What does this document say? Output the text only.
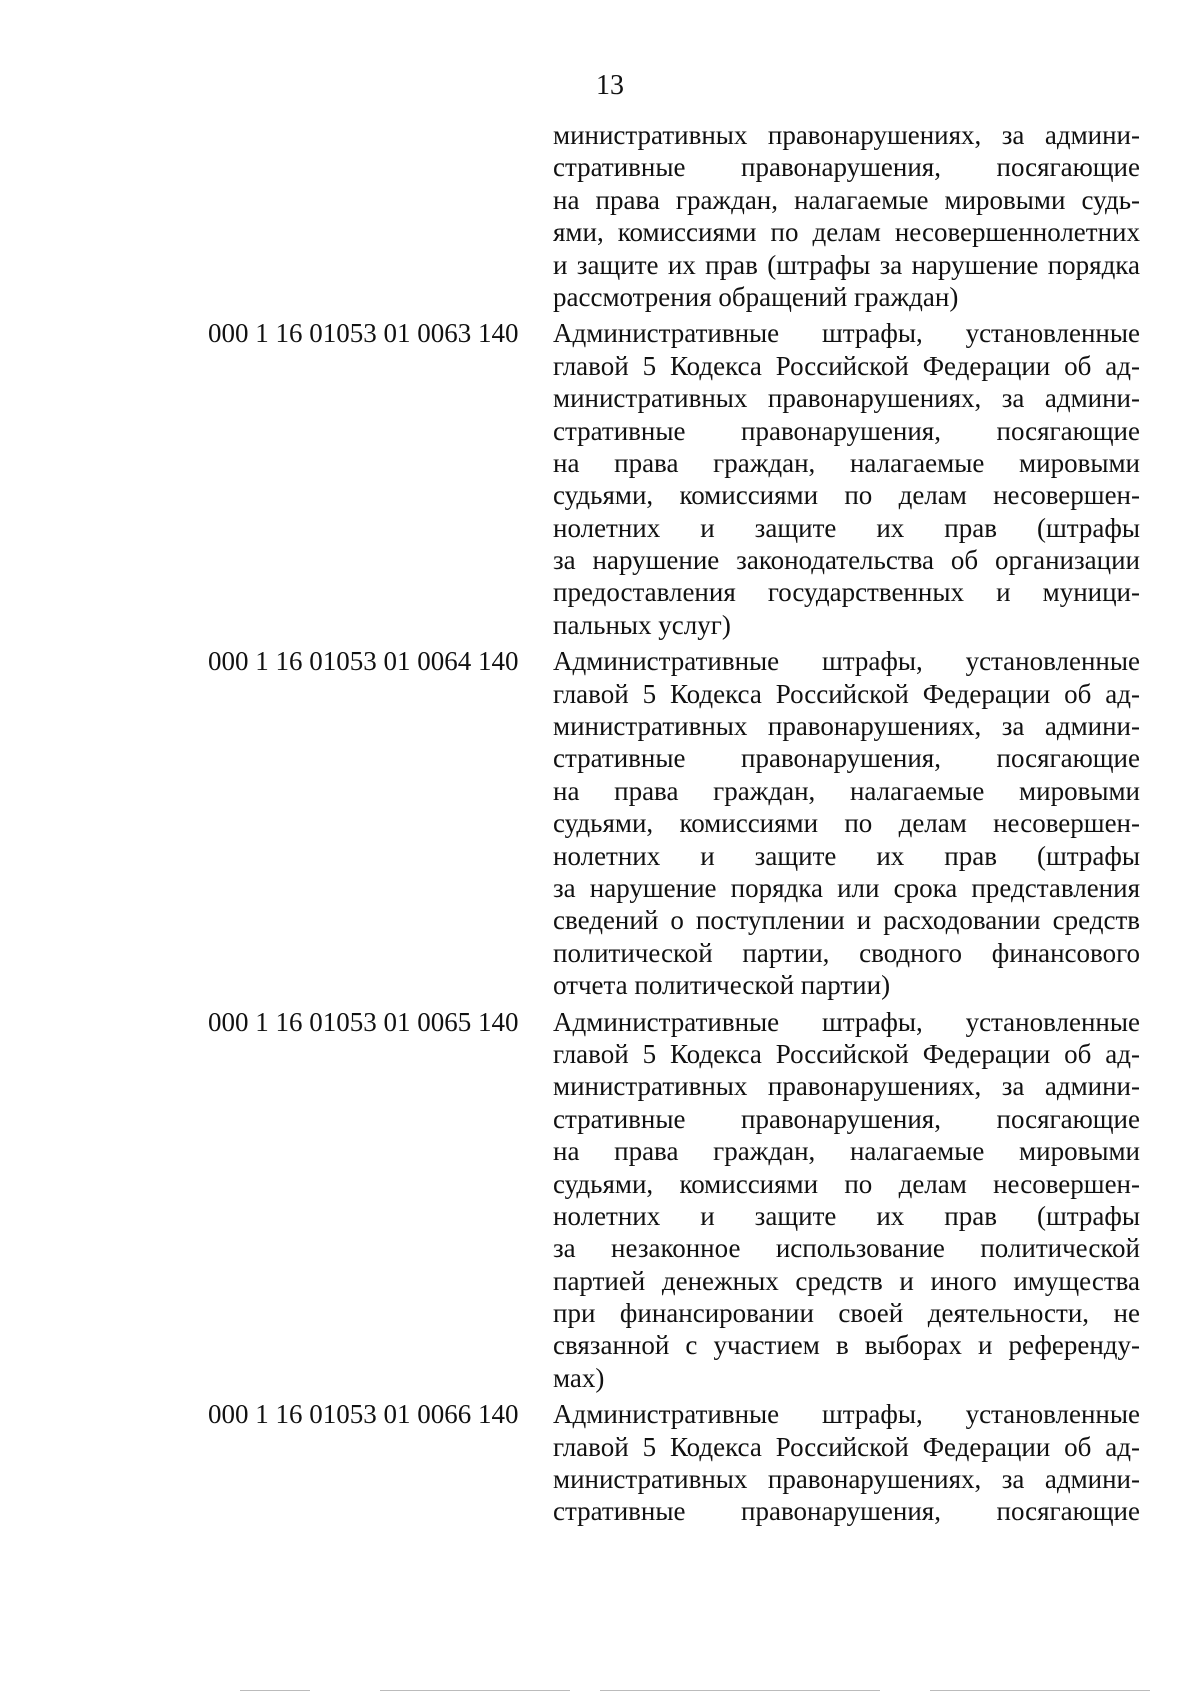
13
министративных правонарушениях, за админи-
стративные правонарушения, посягающие
на права граждан, налагаемые мировыми судь-
ями, комиссиями по делам несовершеннолетних
и защите их прав (штрафы за нарушение порядка
рассмотрения обращений граждан)
000 1 16 01053 01 0063 140	Административные штрафы, установленные
главой 5 Кодекса Российской Федерации об ад-
министративных правонарушениях, за админи-
стративные правонарушения, посягающие
на права граждан, налагаемые мировыми
судьями, комиссиями по делам несовершен-
нолетних и защите их прав (штрафы
за нарушение законодательства об организации
предоставления государственных и муници-
пальных услуг)
000 1 16 01053 01 0064 140	Административные штрафы, установленные
главой 5 Кодекса Российской Федерации об ад-
министративных правонарушениях, за админи-
стративные правонарушения, посягающие
на права граждан, налагаемые мировыми
судьями, комиссиями по делам несовершен-
нолетних и защите их прав (штрафы
за нарушение порядка или срока представления
сведений о поступлении и расходовании средств
политической партии, сводного финансового
отчета политической партии)
000 1 16 01053 01 0065 140	Административные штрафы, установленные
главой 5 Кодекса Российской Федерации об ад-
министративных правонарушениях, за админи-
стративные правонарушения, посягающие
на права граждан, налагаемые мировыми
судьями, комиссиями по делам несовершен-
нолетних и защите их прав (штрафы
за незаконное использование политической
партией денежных средств и иного имущества
при финансировании своей деятельности, не
связанной с участием в выборах и референду-
мах)
000 1 16 01053 01 0066 140	Административные штрафы, установленные
главой 5 Кодекса Российской Федерации об ад-
министративных правонарушениях, за админи-
стративные правонарушения, посягающие
